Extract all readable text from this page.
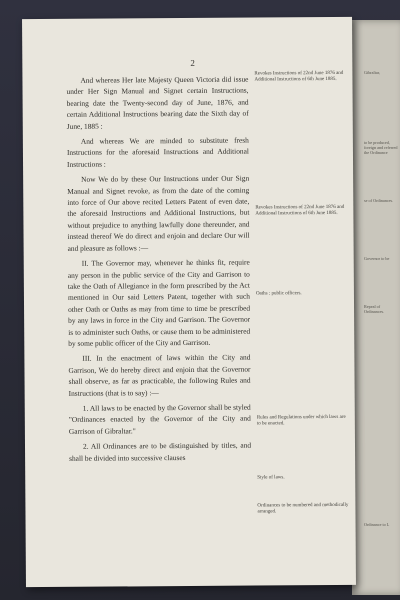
2

And whereas Her late Majesty Queen Victoria did issue under Her Sign Manual and Signet certain Instructions, bearing date the Twenty-second day of June, 1876, and certain Additional Instructions bearing date the Sixth day of June, 1885 :

And whereas We are minded to substitute fresh Instructions for the aforesaid Instructions and Additional Instructions :

Now We do by these Our Instructions under Our Sign Manual and Signet revoke, as from the date of the coming into force of Our above recited Letters Patent of even date, the aforesaid Instructions and Additional Instructions, but without prejudice to anything lawfully done thereunder, and instead thereof We do direct and enjoin and declare Our will and pleasure as follows :—

II. The Governor may, whenever he thinks fit, require any person in the public service of the City and Garrison to take the Oath of Allegiance in the form prescribed by the Act mentioned in Our said Letters Patent, together with such other Oath or Oaths as may from time to time be prescribed by any laws in force in the City and Garrison. The Governor is to administer such Oaths, or cause them to be administered by some public officer of the City and Garrison.

III. In the enactment of laws within the City and Garrison, We do hereby direct and enjoin that the Governor shall observe, as far as practicable, the following Rules and Instructions (that is to say) :—

1. All laws to be enacted by the Governor shall be styled "Ordinances enacted by the Governor of the City and Garrison of Gibraltar."

2. All Ordinances are to be distinguished by titles, and shall be divided into successive clauses

Revokes Instructions of 22nd June 1876 and Additional Instructions of 6th June 1885.
Revokes Instructions of 22nd June 1876 and Additional Instructions of 6th June 1885.
Oaths : public officers.
Rules and Regulations under which laws are to be enacted.
Style of laws.
Ordinances to be numbered and methodically arranged.
Gibraltar,
to be produced, foreign and referred the Ordinance
se of Ordinances.
Governor to be
Repeal of Ordinances.
Ordinance to L
